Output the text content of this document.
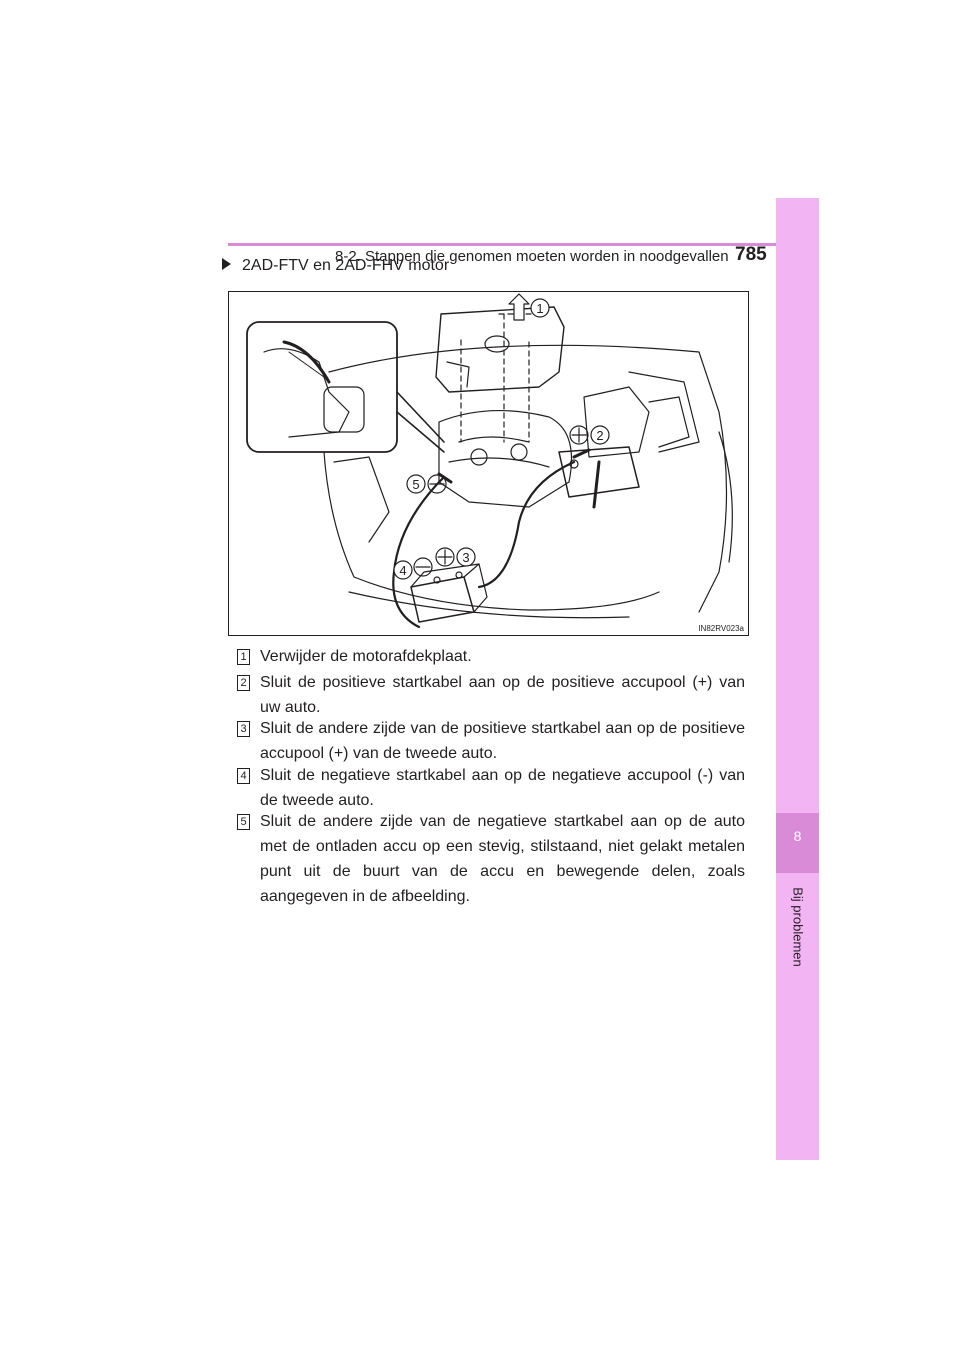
8-2. Stappen die genomen moeten worden in noodgevallen 785
8
Bij problemen
2AD-FTV en 2AD-FHV motor
1
2
3
4
5
IN82RV023a
1 Verwijder de motorafdekplaat.
2 Sluit de positieve startkabel aan op de positieve accupool (+) van uw auto.
3 Sluit de andere zijde van de positieve startkabel aan op de positieve accupool (+) van de tweede auto.
4 Sluit de negatieve startkabel aan op de negatieve accupool (-) van de tweede auto.
5 Sluit de andere zijde van de negatieve startkabel aan op de auto met de ontladen accu op een stevig, stilstaand, niet gelakt metalen punt uit de buurt van de accu en bewegende delen, zoals aangegeven in de afbeelding.
